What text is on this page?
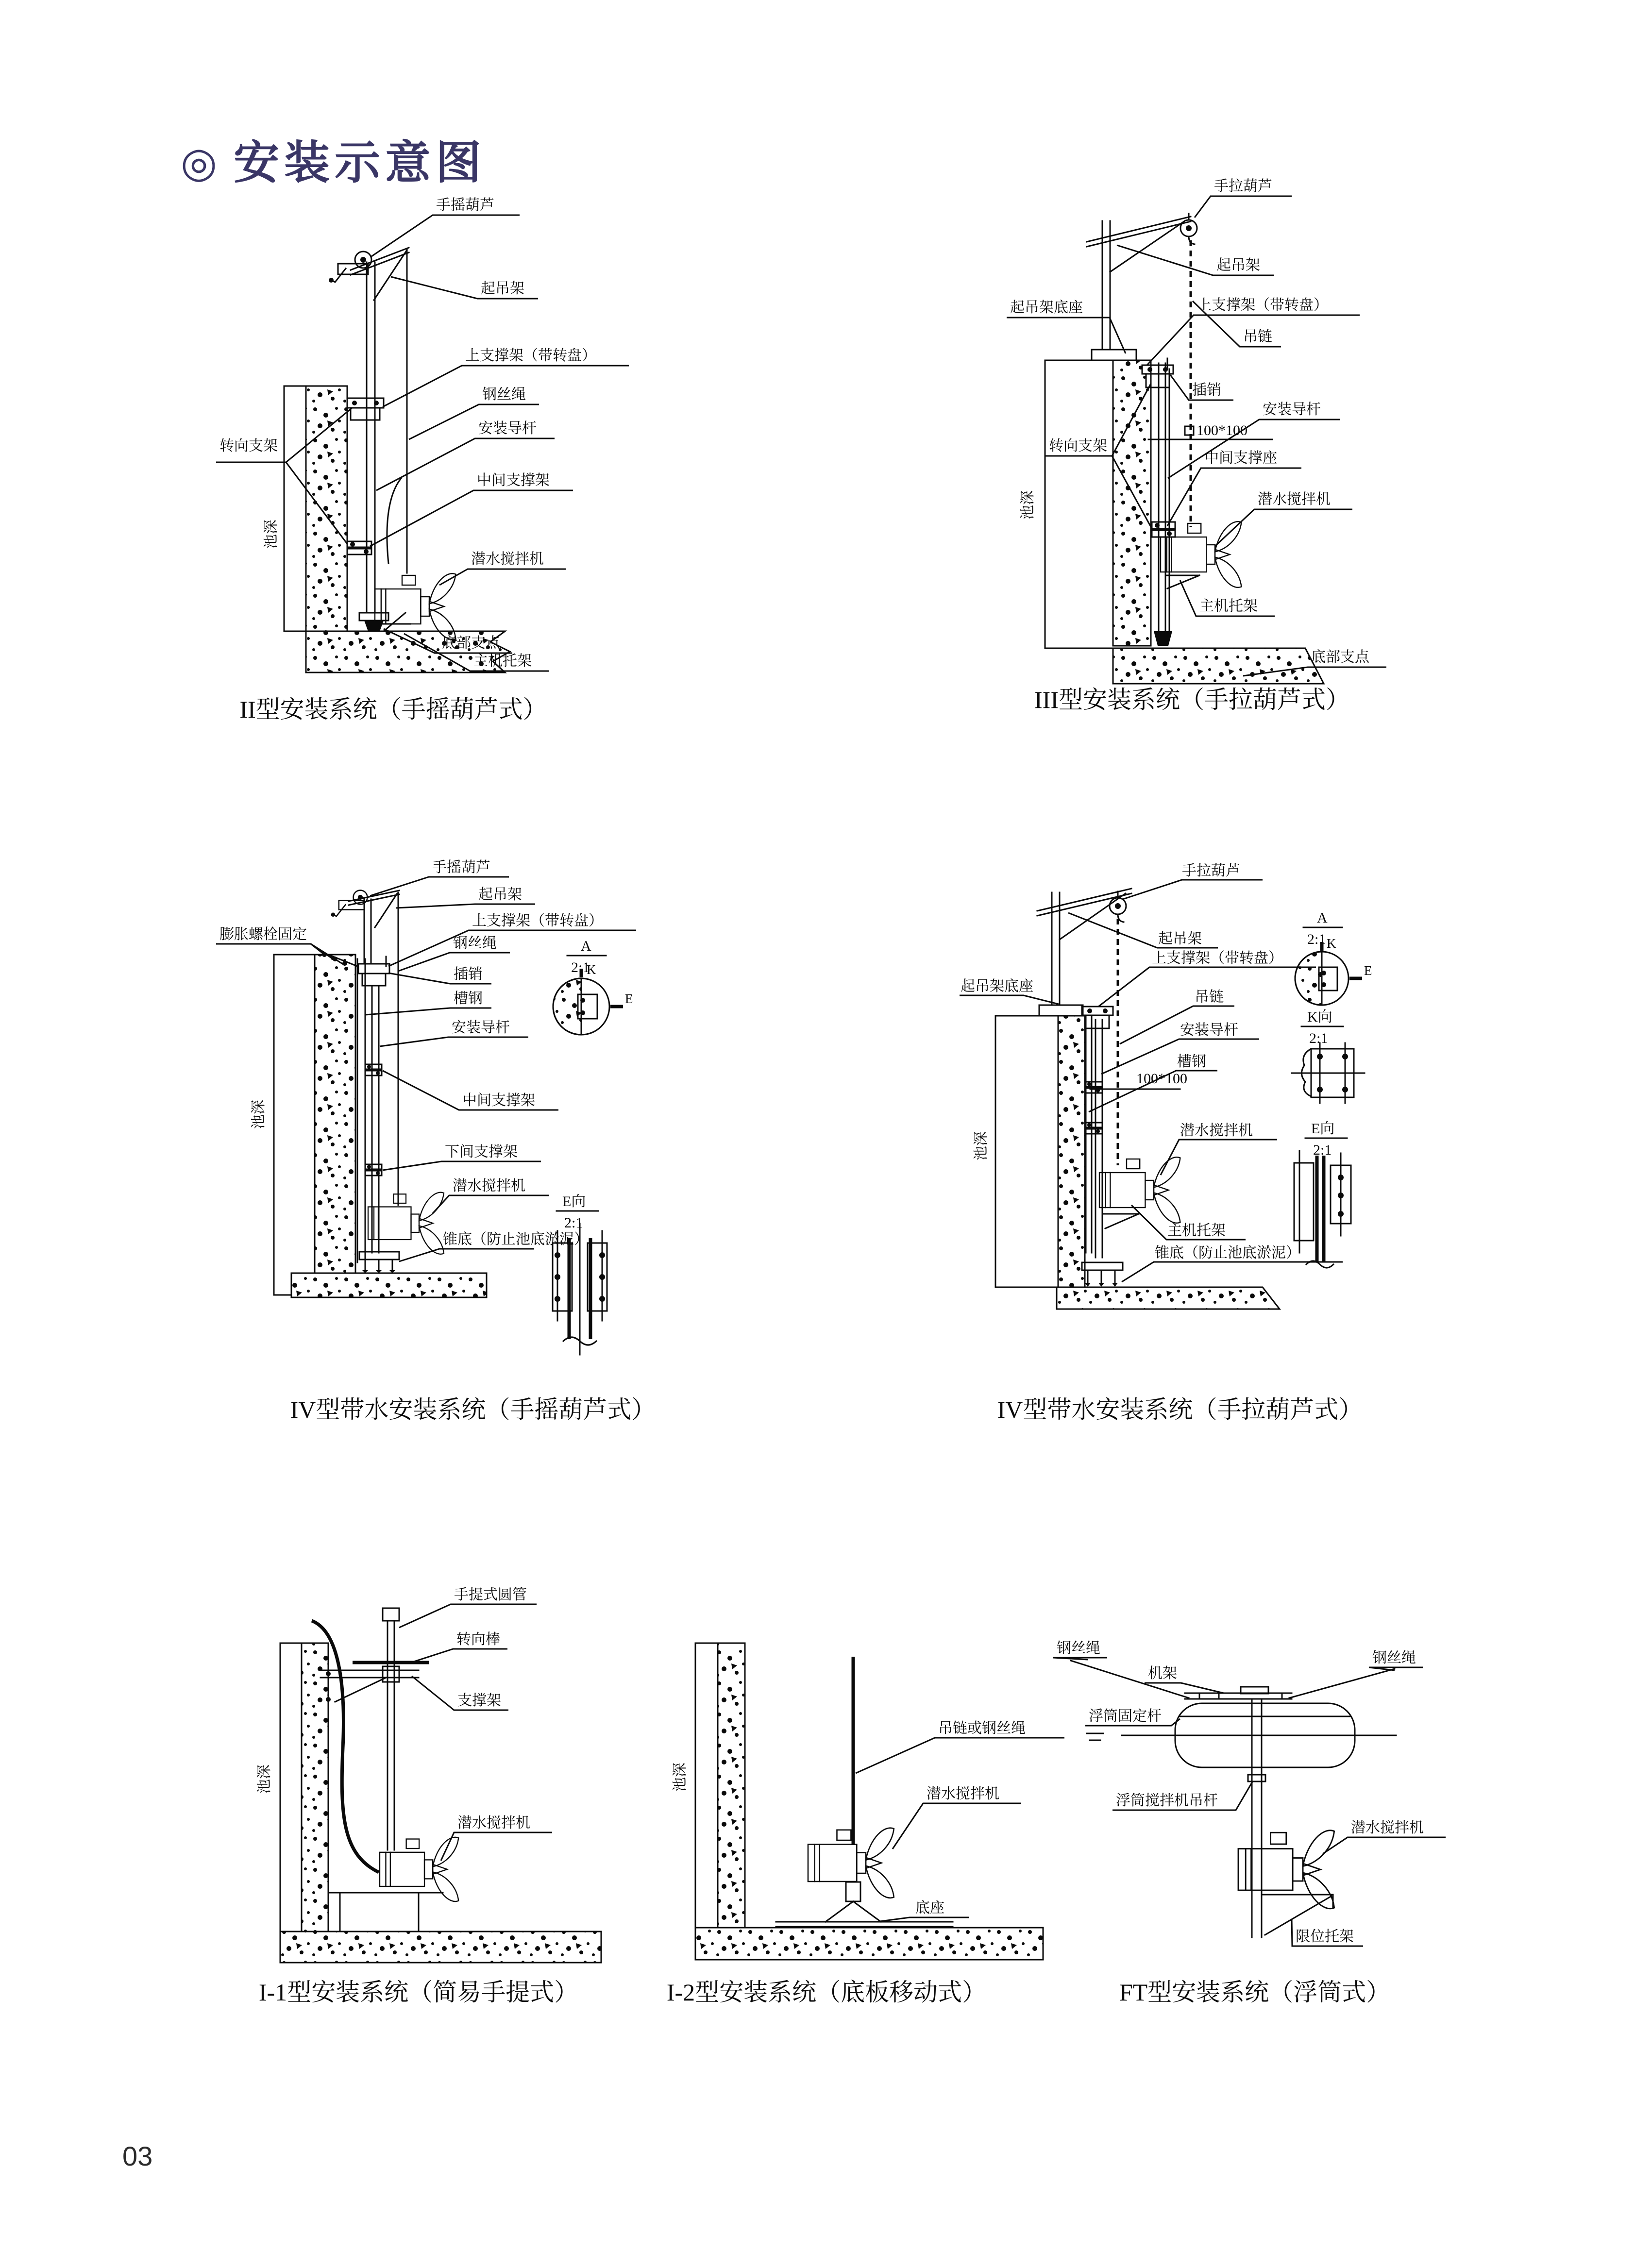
◎ 安装示意图
手摇葫芦
起吊架
上支撑架（带转盘）
钢丝绳
安装导杆
中间支撑架
潜水搅拌机
主机托架
底部支点
转向支架
池深
II型安装系统（手摇葫芦式）
手拉葫芦
起吊架
上支撑架（带转盘）
吊链
起吊架底座
插销
安装导杆
100*100
中间支撑座
潜水搅拌机
主机托架
底部支点
转向支架
池深
III型安装系统（手拉葫芦式）
手摇葫芦
起吊架
上支撑架（带转盘）
钢丝绳
膨胀螺栓固定
插销
槽钢
安装导杆
中间支撑架
下间支撑架
潜水搅拌机
锥底（防止池底淤泥）
池深
A
2:1
K
E
E向
2:1
IV型带水安装系统（手摇葫芦式）
手拉葫芦
起吊架
上支撑架（带转盘）
吊链
起吊架底座
安装导杆
槽钢
100*100
潜水搅拌机
主机托架
锥底（防止池底淤泥）
池深
A
2:1 K
E
K向
2:1
E向
2:1
IV型带水安装系统（手拉葫芦式）
手提式圆管
转向棒
支撑架
潜水搅拌机
池深
I-1型安装系统（简易手提式）
吊链或钢丝绳
潜水搅拌机
底座
池深
I-2型安装系统（底板移动式）
钢丝绳
机架
浮筒固定杆
钢丝绳
浮筒搅拌机吊杆
潜水搅拌机
限位托架
FT型安装系统（浮筒式）
03
